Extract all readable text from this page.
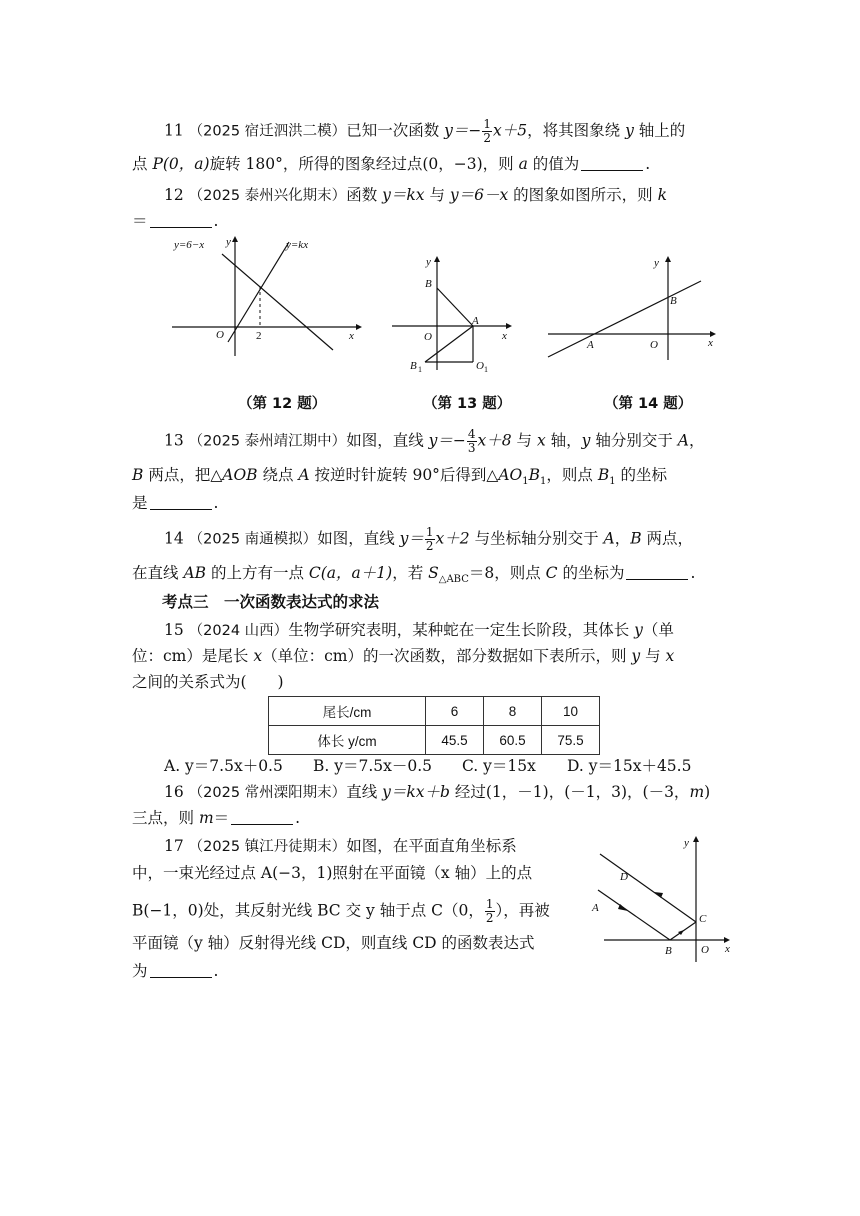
11 （2025 宿迁泗洪二模）已知一次函数 $y=- \frac{1}{2} x+5$，将其图象绕 y 轴上的
点 P(0，a)旋转 180°，所得的图象经过点(0，−3)，则 a 的值为	.
12 （2025 泰州兴化期末）函数 y＝kx 与 y＝6－x 的图象如图所示，则 k
＝	.
y=6−x	y=kx
y
x
O	2
y
x
O
B
A
B 1	O 1
y
x
O
A
B
（第 12 题）	（第 13 题）	（第 14 题）
13 （2025 泰州靖江期中）如图，直线 $y=- \frac{4}{3} x+8$ 与 x 轴，y 轴分别交于 A，
B 两点，把△AOB 绕点 A 按逆时针旋转 90°后得到$\triangle AO_1B_1$，则点 $B_1$ 的坐标
是	.
14 （2025 南通模拟）如图，直线 $y= \frac{1}{2} x+2$ 与坐标轴分别交于 A，B 两点，
在直线 AB 的上方有一点 C(a，a＋1)，若 $S_{\triangle ABC}=8$，则点 C 的坐标为	.
考点三　一次函数表达式的求法
15 （2024 山西）生物学研究表明，某种蛇在一定生长阶段，其体长 y（单
位：cm）是尾长 x（单位：cm）的一次函数，部分数据如下表所示，则 y 与 x
之间的关系式为(　　)
尾长/cm	6	8	10
体长 y/cm	45.5	60.5	75.5
A. y＝7.5x＋0.5 B. y＝7.5x－0.5 C. y＝15x D. y＝15x＋45.5
16 （2025 常州溧阳期末）直线 y＝kx＋b 经过(1，－1)，(－1，3)，(－3，m)
三点，则 m＝	.
17 （2025 镇江丹徒期末）如图，在平面直角坐标系
中，一束光经过点 A(−3，1)照射在平面镜（x 轴）上的点
B(−1，0)处，其反射光线 BC 交 y 轴于点 C（0， $\frac{1}{2}$ ），再被
平面镜（y 轴）反射得光线 CD，则直线 CD 的函数表达式
为	.
y
x
O
A
B
C
D
